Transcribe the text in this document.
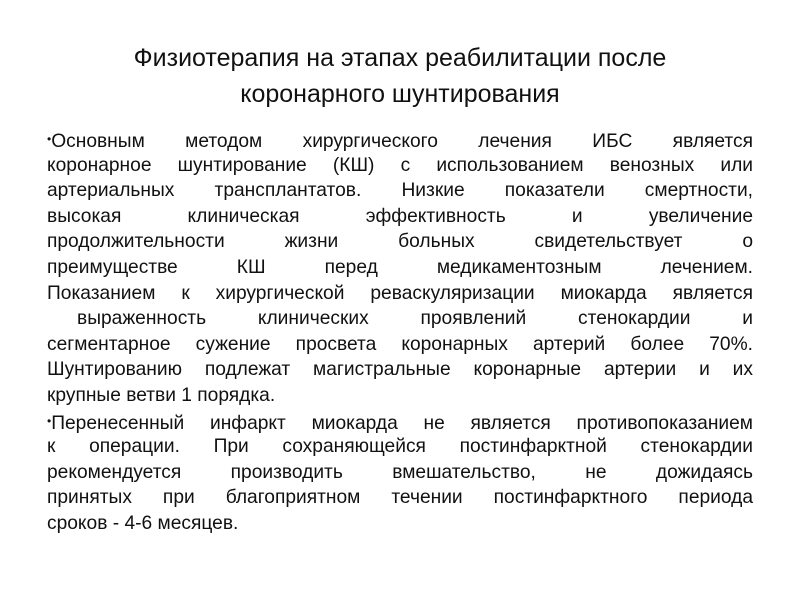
Физиотерапия на этапах реабилитации после
коронарного шунтирования
•Основным методом хирургического лечения ИБС является
коронарное шунтирование (КШ) с использованием венозных или
артериальных трансплантатов. Низкие показатели смертности,
высокая клиническая эффективность и увеличение
продолжительности жизни больных свидетельствует о
преимуществе КШ перед медикаментозным лечением.
Показанием к хирургической реваскуляризации миокарда является
выраженность клинических проявлений стенокардии и
сегментарное сужение просвета коронарных артерий более 70%.
Шунтированию подлежат магистральные коронарные артерии и их
крупные ветви 1 порядка.
•Перенесенный инфаркт миокарда не является противопоказанием
к операции. При сохраняющейся постинфарктной стенокардии
рекомендуется производить вмешательство, не дожидаясь
принятых при благоприятном течении постинфарктного периода
сроков - 4-6 месяцев.
